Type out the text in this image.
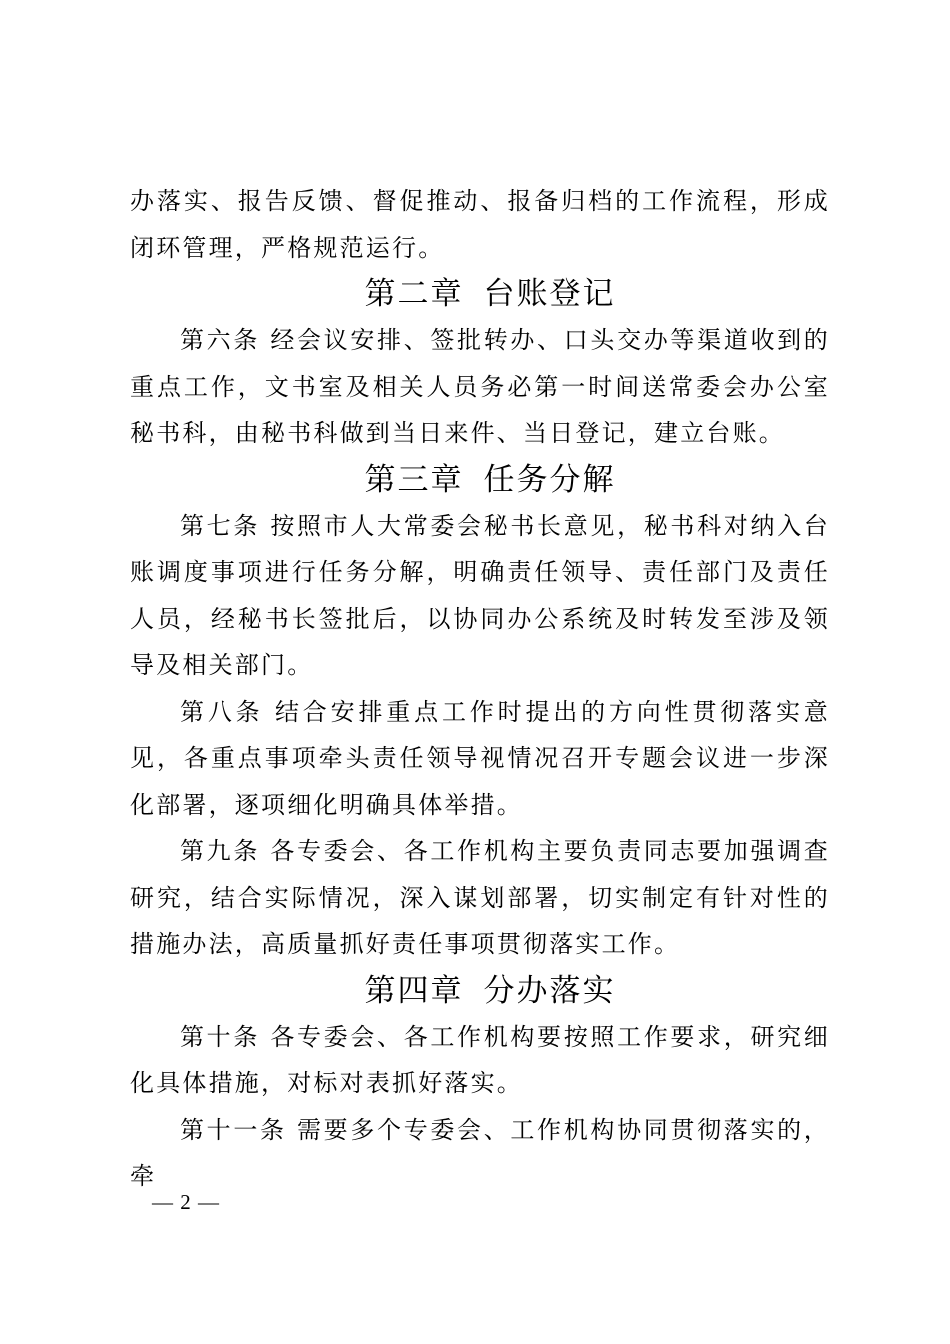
办落实、报告反馈、督促推动、报备归档的工作流程，形成闭环管理，严格规范运行。

第二章 台账登记

第六条 经会议安排、签批转办、口头交办等渠道收到的重点工作，文书室及相关人员务必第一时间送常委会办公室秘书科，由秘书科做到当日来件、当日登记，建立台账。

第三章 任务分解

第七条 按照市人大常委会秘书长意见，秘书科对纳入台账调度事项进行任务分解，明确责任领导、责任部门及责任人员，经秘书长签批后，以协同办公系统及时转发至涉及领导及相关部门。

第八条 结合安排重点工作时提出的方向性贯彻落实意见，各重点事项牵头责任领导视情况召开专题会议进一步深化部署，逐项细化明确具体举措。

第九条 各专委会、各工作机构主要负责同志要加强调查研究，结合实际情况，深入谋划部署，切实制定有针对性的措施办法，高质量抓好责任事项贯彻落实工作。

第四章 分办落实

第十条 各专委会、各工作机构要按照工作要求，研究细化具体措施，对标对表抓好落实。

第十一条 需要多个专委会、工作机构协同贯彻落实的，牵

— 2 —
